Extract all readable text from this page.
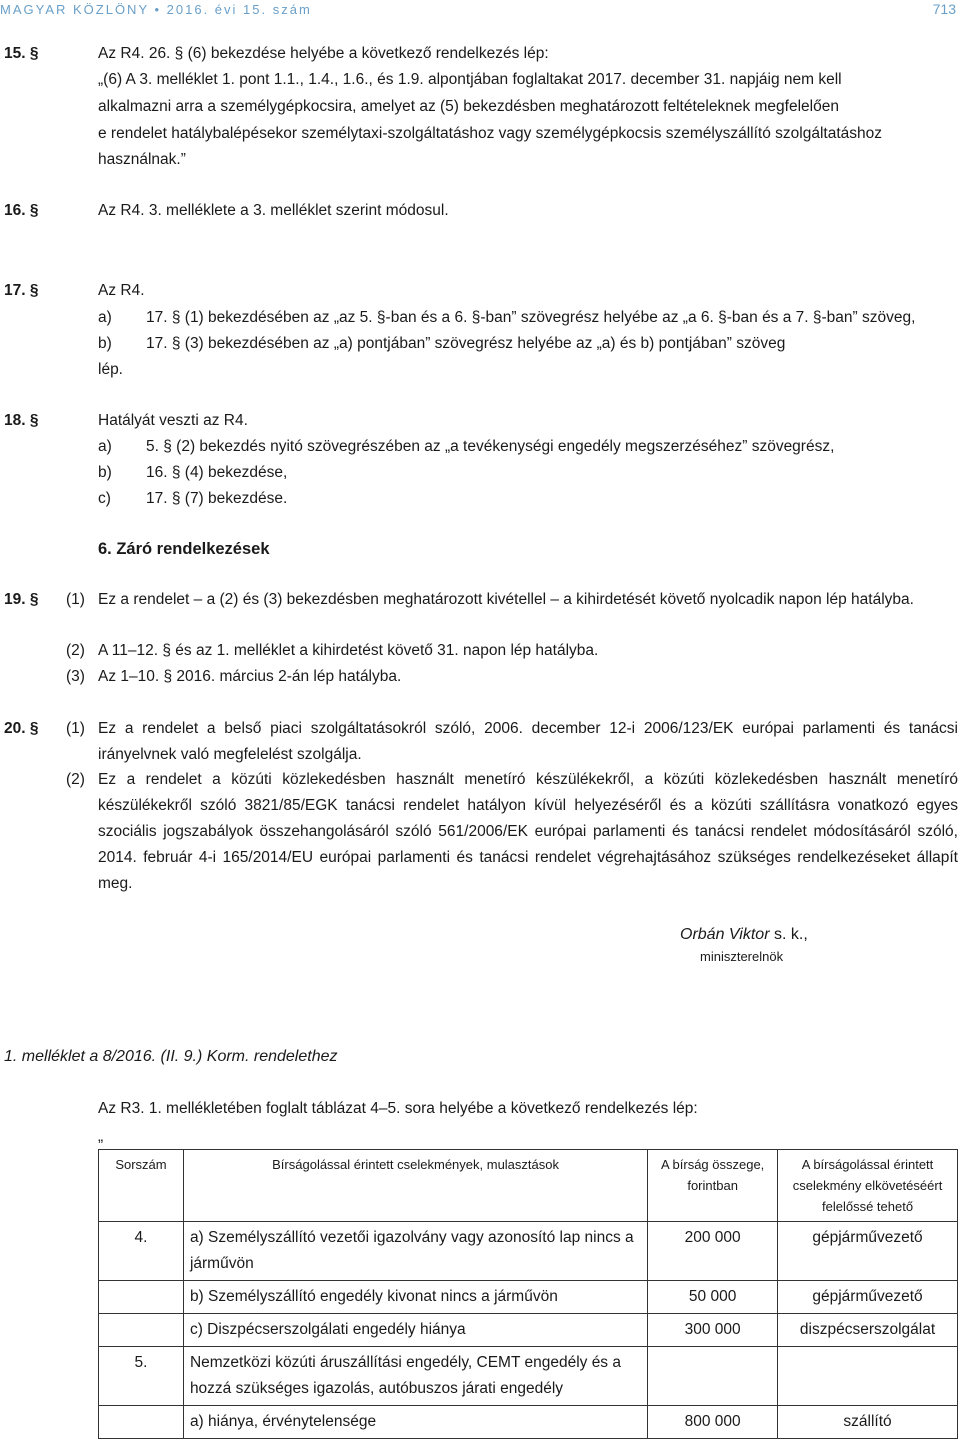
MAGYAR KÖZLÖNY • 2016. évi 15. szám	713
15. §	Az R4. 26. § (6) bekezdése helyébe a következő rendelkezés lép:
„(6) A 3. melléklet 1. pont 1.1., 1.4., 1.6., és 1.9. alpontjában foglaltakat 2017. december 31. napjáig nem kell
alkalmazni arra a személygépkocsira, amelyet az (5) bekezdésben meghatározott feltételeknek megfelelően
e rendelet hatálybalépésekor személytaxi-szolgáltatáshoz vagy személygépkocsis személyszállító szolgáltatáshoz
használnak.”
16. §	Az R4. 3. melléklete a 3. melléklet szerint módosul.
17. §	Az R4.
a) 17. § (1) bekezdésében az „az 5. §-ban és a 6. §-ban” szövegrész helyébe az „a 6. §-ban és a 7. §-ban” szöveg,
b) 17. § (3) bekezdésében az „a) pontjában” szövegrész helyébe az „a) és b) pontjában” szöveg
lép.
18. §	Hatályát veszti az R4.
a) 5. § (2) bekezdés nyitó szövegrészében az „a tevékenységi engedély megszerzéséhez” szövegrész,
b) 16. § (4) bekezdése,
c) 17. § (7) bekezdése.
6. Záró rendelkezések
19. § (1) Ez a rendelet – a (2) és (3) bekezdésben meghatározott kivétellel – a kihirdetését követő nyolcadik napon lép hatályba.
(2) A 11–12. § és az 1. melléklet a kihirdetést követő 31. napon lép hatályba.
(3) Az 1–10. § 2016. március 2-án lép hatályba.
20. § (1) Ez a rendelet a belső piaci szolgáltatásokról szóló, 2006. december 12-i 2006/123/EK európai parlamenti és tanácsi irányelvnek való megfelelést szolgálja.
(2) Ez a rendelet a közúti közlekedésben használt menetíró készülékekről, a közúti közlekedésben használt menetíró készülékekről szóló 3821/85/EGK tanácsi rendelet hatályon kívül helyezéséről és a közúti szállításra vonatkozó egyes szociális jogszabályok összehangolásáról szóló 561/2006/EK európai parlamenti és tanácsi rendelet módosításáról szóló, 2014. február 4-i 165/2014/EU európai parlamenti és tanácsi rendelet végrehajtásához szükséges rendelkezéseket állapít meg.
Orbán Viktor s. k.,
miniszterelnök
1. melléklet a 8/2016. (II. 9.) Korm. rendelethez
Az R3. 1. mellékletében foglalt táblázat 4–5. sora helyébe a következő rendelkezés lép:
„
Sorszám	Bírságolással érintett cselekmények, mulasztások	A bírság összege, forintban	A bírságolással érintett cselekmény elkövetéséért felelőssé tehető
4.	a) Személyszállító vezetői igazolvány vagy azonosító lap nincs a járművön	200 000	gépjárművezető
	b) Személyszállító engedély kivonat nincs a járművön	50 000	gépjárművezető
	c) Diszpécserszolgálati engedély hiánya	300 000	diszpécserszolgálat
5.	Nemzetközi közúti áruszállítási engedély, CEMT engedély és a hozzá szükséges igazolás, autóbuszos járati engedély		
	a) hiánya, érvénytelensége	800 000	szállító
